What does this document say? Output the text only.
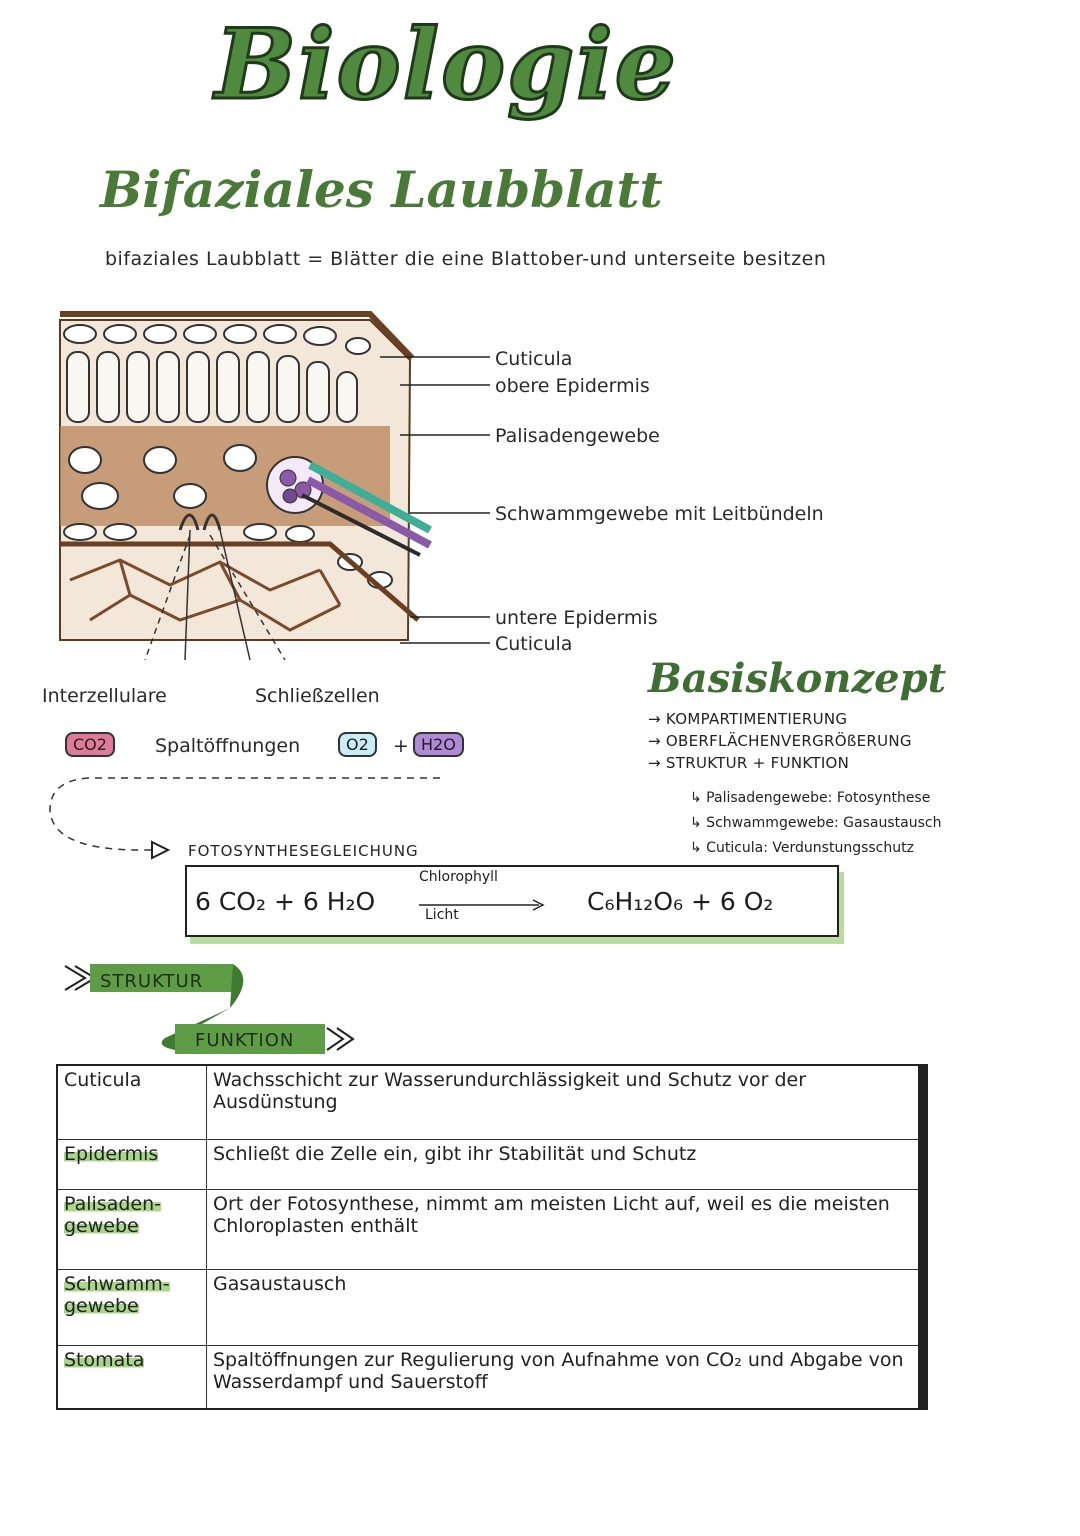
Biologie
Bifaziales Laubblatt
bifaziales Laubblatt = Blätter die eine Blattober-und unterseite besitzen
Cuticula
obere Epidermis
Palisadengewebe
Schwammgewebe mit Leitbündeln
untere Epidermis
Cuticula
Interzellulare	Schließzellen
CO2	Spaltöffnungen	O2	+ H2O
Basiskonzept
→ KOMPARTIMENTIERUNG
→ OBERFLÄCHENVERGRÖßERUNG
→ STRUKTUR + FUNKTION
↳ Palisadengewebe: Fotosynthese
↳ Schwammgewebe: Gasaustausch
↳ Cuticula: Verdunstungsschutz
FOTOSYNTHESEGLEICHUNG
6 CO₂ + 6 H₂O
Chlorophyll
Licht	C₆H₁₂O₆ + 6 O₂
STRUKTUR
FUNKTION
Cuticula	Wachsschicht zur Wasserundurchlässigkeit und Schutz vor der Ausdünstung
Epidermis	Schließt die Zelle ein, gibt ihr Stabilität und Schutz
Palisaden-gewebe	Ort der Fotosynthese, nimmt am meisten Licht auf, weil es die meisten Chloroplasten enthält
Schwamm-gewebe	Gasaustausch
Stomata	Spaltöffnungen zur Regulierung von Aufnahme von CO₂ und Abgabe von Wasserdampf und Sauerstoff
